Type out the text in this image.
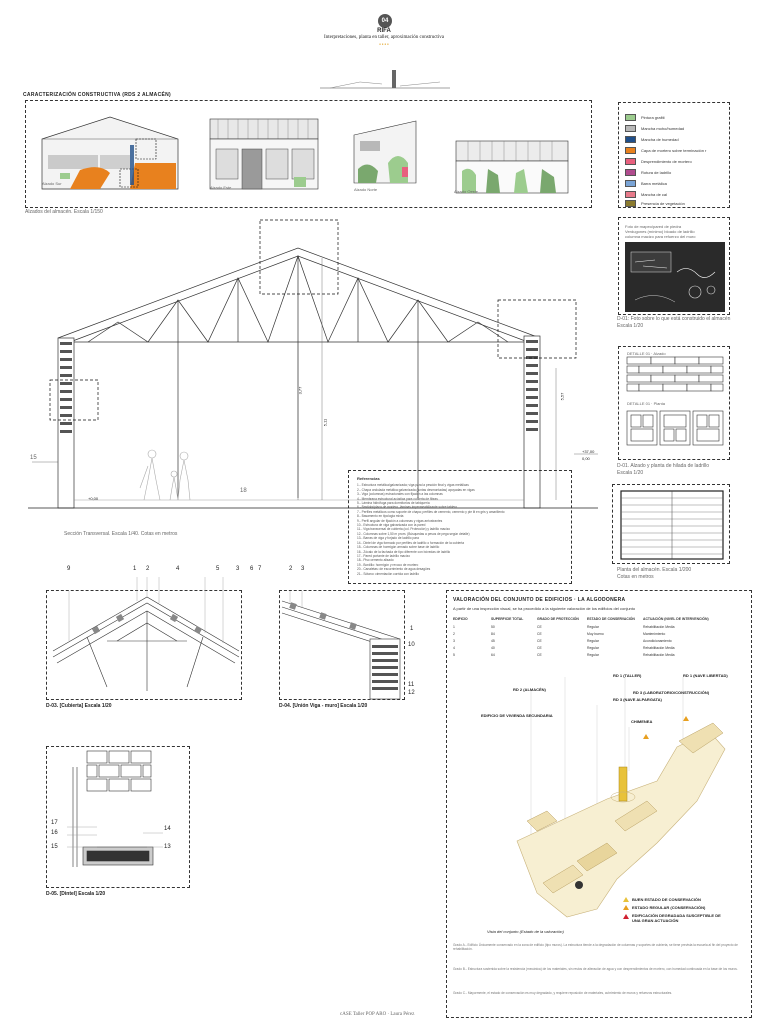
04
RIFA
Interpretaciones, planta en taller, aproximación constructiva
● ● ● ●
CARACTERIZACIÓN CONSTRUCTIVA (RDS 2 ALMACÉN)
Alzado Sur
Alzado Este	Alzado Norte	Alzado Oeste
Alzados del almacén. Escala 1/150
Pintura grafiti
Mancha moho/humedad
Mancha de humedad
Capa de mortero sobre terminación r
Desprendimiento de mortero
Rotura de ladrillo
Barra metálica
Mancha de cal
Presencia de vegetación
Foto de mapeo/pared de piedra
Verdugones (mínimo) bloado de ladrillo
columna macizo para refuerzo del muro
D-01: Foto sobre lo que está construido el almacén
Escala 1/20
3,77
5,11
5,57
15
18
+0,00
+37,00
0,00
Sección Transversal. Escala 1/40. Cotas en metros
DETALLE 01 · Alzado
DETALLE 01 · Planta
D-01. Alzado y planta de hilada de ladrillo
Escala 1/20
Referencias
1.- Estructura metálica/galvanizada; viga para la pesción final y vigas metálicas
2.- Chapa ondulada metálica galvanizada (juntas desmontadas) apoyadas en vigas
3.- Viga (columnas) estructurales con fijación a las columnas
4.- Membrana estructural acústica para cubierta de fibras
5.- Lámina hidrófuga para dormitorios de tabiquería
6.- Bastidor/placa de mortero, láminas impermeabilizante sobre tablero
7.- Perfiles metálicos como soporte de chapa; perfiles de cemento, cemento y pie lit en gris y amarillento
8.- Basamento en tipologia mixta
9.- Perfil angular de fijación a columnas y vigas arriostrantes
10.- Estructura de viga galvanizada con la pared
11.- Viga transversal de cubierta (col. Protección) y ladrillo macizo
12.- Columnas sobre 1,50 m prom. (Búsquedas a pesos de pega según detalle)
13.- Barras de viga y forjado de ladrillo para
14.- Dintel de viga formado por perfiles de ladrillo o formación de la cubierta
15.- Columnas de hormigón armado sobre base de ladrillo
16.- Zócalo de la fachada de tipo diferente con bóvedas de ladrillo
17.- Pared portante de ladrillo macizo
18.- Piso cemento alisado
19.- Bordillo: hormigón y revoco de mortero
20.- Canaletas: de escurrimiento de agua desagües
21.- Sótano: cimentación corrida con ladrillo
Planta del almacén. Escala 1/200
Cotas en metros
9	1 2	4	5	3 6 7
D-03. [Cubierta] Escala 1/20
2 3
1
10
11
12
D-04. [Unión Viga - muro] Escala 1/20
17
16
15
14
13
D-05. [Dintel] Escala 1/20
VALORACIÓN DEL CONJUNTO DE EDIFICIOS · LA ALGODONERA
A partir de una inspección visual, se ha procedido a la siguiente valoración de los edificios del conjunto
EDIFICIO	SUPERFICIE TOTAL	GRADO DE PROTECCIÓN	ESTADO DE CONSERVACIÓN	ACTUACIÓN (NIVEL DE INTERVENCIÓN)
1	50	CE	Regular	Rehabilitación Media
2	84	CE	Muy bueno	Mantenimiento
3	45	CE	Regular	Acondicionamiento
4	40	CE	Regular	Rehabilitación Media
5	64	CE	Regular	Rehabilitación Media
RD 1 (TALLER)	RD 1 (NAVE LIBERTAD)
RD 2 (ALMACÉN)
RD 3 (NAVE ALPARGATA)
RD 3 (LABORATORIO/CONSTRUCCIÓN)
EDIFICIO DE VIVIENDA SECUNDARIA
CHIMENEA
BUEN ESTADO DE CONSERVACIÓN
ESTADO REGULAR (CONSERVACIÓN)
EDIFICACIÓN DEGRADADA SUSCEPTIBLE DE UNA GRAN ACTUACIÓN
Vista del conjunto (Estado de la valoración)
Grado A.- Edificio Únicamente conservado en la zona de edificio (tipo muros). La estructura tiende a la degradación de columnas y soportes de cubierta, se tiene prevista la escuela al fin del proyecto de rehabilitación.
Grado B.- Estructura sostenida sobre la resistencia (mecánica) de los materiales, sin restos de alteración de agua y con desprendimientos de mortero, con humedad continuada en la base de los muros.
Grado C.- Mayormente, el estado de conservación es muy degradado, y requiere reposición de materiales, cubrimiento de muros y refuerzos estructurales.
cASE Taller POP ARO · Laura Pérez
